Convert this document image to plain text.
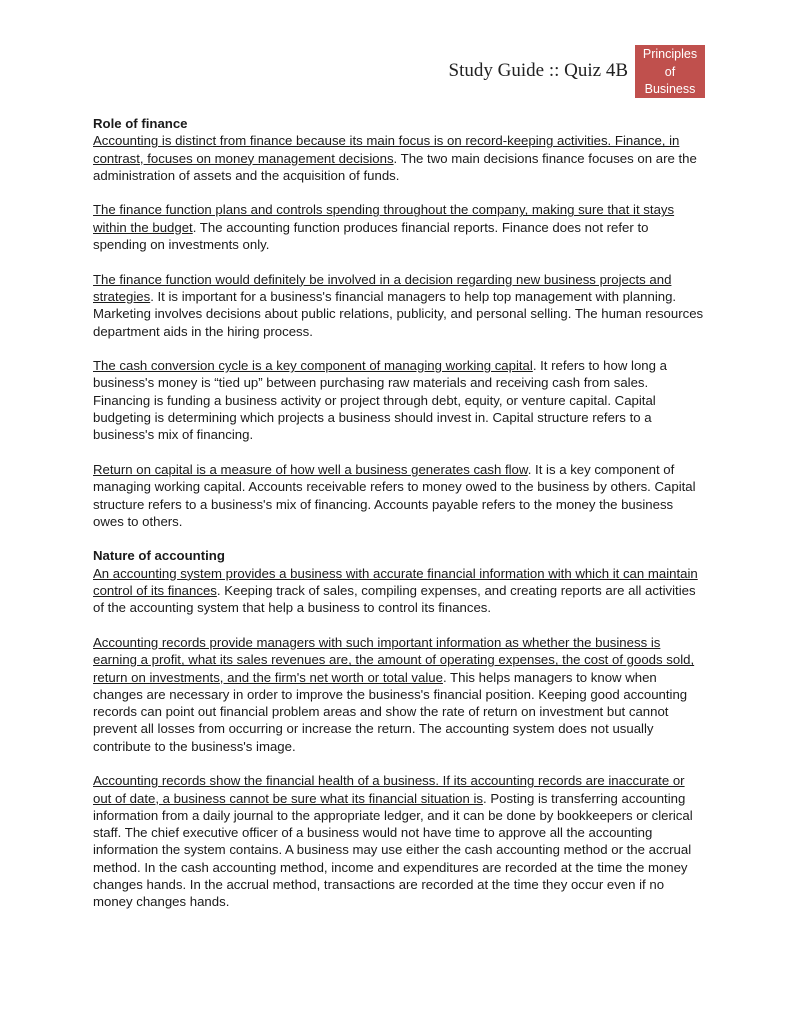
Study Guide :: Quiz 4B
Principles
of
Business

Role of finance

Accounting is distinct from finance because its main focus is on record-keeping activities. Finance, in contrast, focuses on money management decisions. The two main decisions finance focuses on are the administration of assets and the acquisition of funds.

The finance function plans and controls spending throughout the company, making sure that it stays within the budget. The accounting function produces financial reports. Finance does not refer to spending on investments only.

The finance function would definitely be involved in a decision regarding new business projects and strategies. It is important for a business's financial managers to help top management with planning. Marketing involves decisions about public relations, publicity, and personal selling. The human resources department aids in the hiring process.

The cash conversion cycle is a key component of managing working capital. It refers to how long a business's money is “tied up” between purchasing raw materials and receiving cash from sales. Financing is funding a business activity or project through debt, equity, or venture capital. Capital budgeting is determining which projects a business should invest in. Capital structure refers to a business's mix of financing.

Return on capital is a measure of how well a business generates cash flow. It is a key component of managing working capital. Accounts receivable refers to money owed to the business by others. Capital structure refers to a business's mix of financing. Accounts payable refers to the money the business owes to others.

Nature of accounting

An accounting system provides a business with accurate financial information with which it can maintain control of its finances. Keeping track of sales, compiling expenses, and creating reports are all activities of the accounting system that help a business to control its finances.

Accounting records provide managers with such important information as whether the business is earning a profit, what its sales revenues are, the amount of operating expenses, the cost of goods sold, return on investments, and the firm's net worth or total value. This helps managers to know when changes are necessary in order to improve the business's financial position. Keeping good accounting records can point out financial problem areas and show the rate of return on investment but cannot prevent all losses from occurring or increase the return. The accounting system does not usually contribute to the business's image.

Accounting records show the financial health of a business. If its accounting records are inaccurate or out of date, a business cannot be sure what its financial situation is. Posting is transferring accounting information from a daily journal to the appropriate ledger, and it can be done by bookkeepers or clerical staff. The chief executive officer of a business would not have time to approve all the accounting information the system contains. A business may use either the cash accounting method or the accrual method. In the cash accounting method, income and expenditures are recorded at the time the money changes hands. In the accrual method, transactions are recorded at the time they occur even if no money changes hands.
